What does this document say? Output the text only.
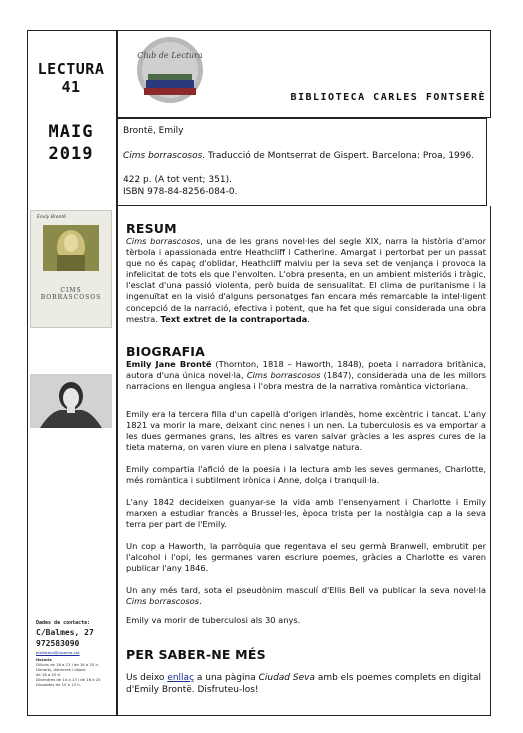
LECTURA
41
MAIG
2019
Club de Lectura
BIBLIOTECA CARLES FONTSERÈ
Brontë, Emily
Cims borrascosos. Traducció de Montserrat de Gispert. Barcelona: Proa, 1996.
422 p. (A tot vent; 351).
ISBN 978-84-8256-084-0.
Emily Brontë
CIMS BORRASCOSOS
RESUM

Cims borrascosos, una de les grans novel·les del segle XIX, narra la història d'amor tèrbola i apassionada entre Heathcliff i Catherine. Amargat i pertorbat per un passat que no és capaç d'oblidar, Heathcliff malviu per la seva set de venjança i provoca la infelicitat de tots els que l'envolten. L'obra presenta, en un ambient misteriós i tràgic, l'esclat d'una passió violenta, però buida de sensualitat. El clima de puritanisme i la ingenuïtat en la visió d'alguns personatges fan encara més remarcable la intel·ligent concepció de la narració, efectiva i potent, que ha fet que sigui considerada una obra mestra. Text extret de la contraportada.

BIOGRAFIA

Emily Jane Brontë (Thornton, 1818 – Haworth, 1848), poeta i narradora britànica, autora d'una única novel·la, Cims borrascosos (1847), considerada una de les millors narracions en llengua anglesa i l'obra mestra de la narrativa romàntica victoriana.

Emily era la tercera filla d'un capellà d'origen irlandès, home excèntric i tancat. L'any 1821 va morir la mare, deixant cinc nenes i un nen. La tuberculosis es va emportar a les dues germanes grans, les altres es varen salvar gràcies a les aspres cures de la tieta materna, on varen viure en plena i salvatge natura.

Emily compartia l'afició de la poesia i la lectura amb les seves germanes, Charlotte, més romàntica i subtilment irònica i Anne, dolça i tranquil·la.

L'any 1842 decideixen guanyar-se la vida amb l'ensenyament i Charlotte i Emily marxen a estudiar francès a Brussel·les, època trista per la nostàlgia cap a la seva terra per part de l'Emily.

Un cop a Haworth, la parròquia que regentava el seu germà Branwell, embrutit per l'alcohol i l'opi, les germanes varen escriure poemes, gràcies a Charlotte es varen publicar l'any 1846.

Un any més tard, sota el pseudònim masculí d'Ellis Bell va publicar la seva novel·la Cims borrascosos.

Emily va morir de tuberculosi als 30 anys.

PER SABER-NE MÉS

Us deixo enllaç a una pàgina Ciudad Seva amb els poemes complets en digital d'Emily Brontë. Disfruteu-los!

Dades de contacte:
C/Balmes, 27
972583090
biblioteca@ajsarria.cat
Horaris
Dilluns de 16 a 13 i de 16 a 20 h.
Dimarts, dimecres i dijous
de 16 a 20 h.
Divendres de 10 a 13 i de 16 a 20
Dissabtes de 10 a 13 h.
